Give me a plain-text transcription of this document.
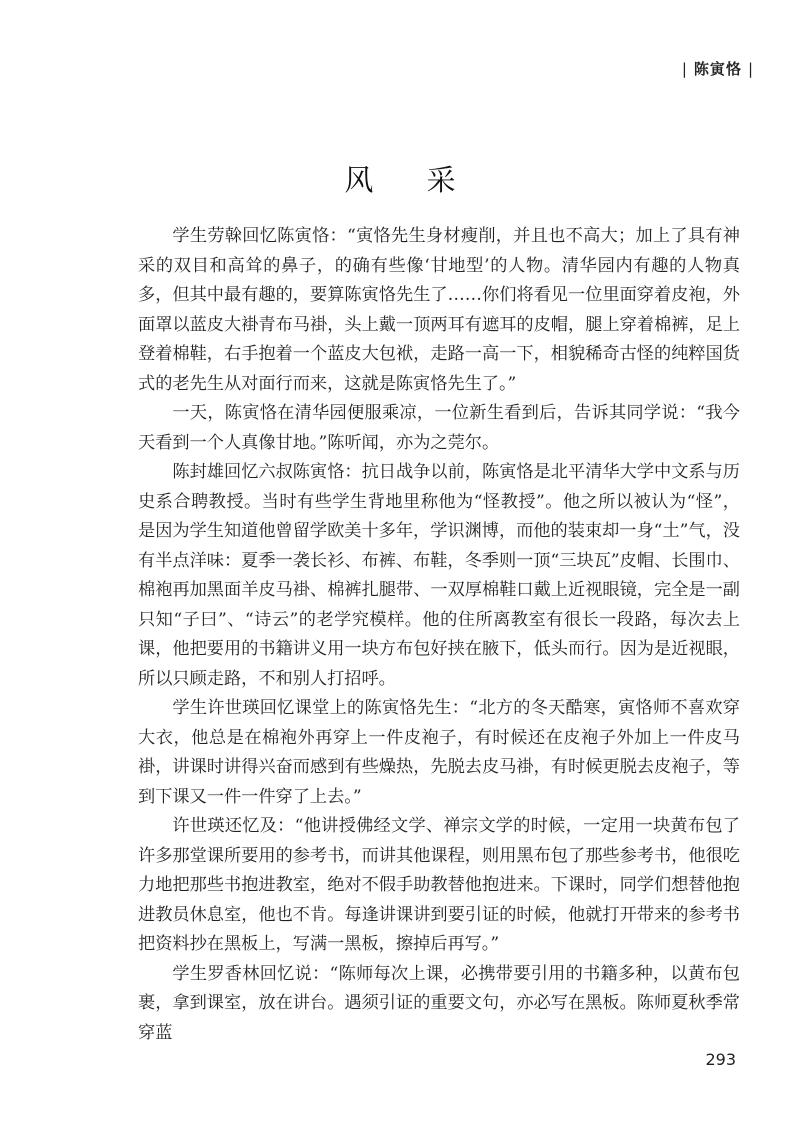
| 陈寅恪 |
风 采

学生劳榦回忆陈寅恪：“寅恪先生身材瘦削，并且也不高大；加上了具有神采的双目和高耸的鼻子，的确有些像‘甘地型’的人物。清华园内有趣的人物真多，但其中最有趣的，要算陈寅恪先生了……你们将看见一位里面穿着皮袍，外面罩以蓝皮大褂青布马褂，头上戴一顶两耳有遮耳的皮帽，腿上穿着棉裤，足上登着棉鞋，右手抱着一个蓝皮大包袱，走路一高一下，相貌稀奇古怪的纯粹国货式的老先生从对面行而来，这就是陈寅恪先生了。”

一天，陈寅恪在清华园便服乘凉，一位新生看到后，告诉其同学说：“我今天看到一个人真像甘地。”陈听闻，亦为之莞尔。

陈封雄回忆六叔陈寅恪：抗日战争以前，陈寅恪是北平清华大学中文系与历史系合聘教授。当时有些学生背地里称他为“怪教授”。他之所以被认为“怪”，是因为学生知道他曾留学欧美十多年，学识渊博，而他的装束却一身“土”气，没有半点洋味：夏季一袭长衫、布裤、布鞋，冬季则一顶“三块瓦”皮帽、长围巾、棉袍再加黑面羊皮马褂、棉裤扎腿带、一双厚棉鞋口戴上近视眼镜，完全是一副只知“子曰”、“诗云”的老学究模样。他的住所离教室有很长一段路，每次去上课，他把要用的书籍讲义用一块方布包好挟在腋下，低头而行。因为是近视眼，所以只顾走路，不和别人打招呼。

学生许世瑛回忆课堂上的陈寅恪先生：“北方的冬天酷寒，寅恪师不喜欢穿大衣，他总是在棉袍外再穿上一件皮袍子，有时候还在皮袍子外加上一件皮马褂，讲课时讲得兴奋而感到有些燥热，先脱去皮马褂，有时候更脱去皮袍子，等到下课又一件一件穿了上去。”

许世瑛还忆及：“他讲授佛经文学、禅宗文学的时候，一定用一块黄布包了许多那堂课所要用的参考书，而讲其他课程，则用黑布包了那些参考书，他很吃力地把那些书抱进教室，绝对不假手助教替他抱进来。下课时，同学们想替他抱进教员休息室，他也不肯。每逢讲课讲到要引证的时候，他就打开带来的参考书把资料抄在黑板上，写满一黑板，擦掉后再写。”

学生罗香林回忆说：“陈师每次上课，必携带要引用的书籍多种，以黄布包裹，拿到课室，放在讲台。遇须引证的重要文句，亦必写在黑板。陈师夏秋季常穿蓝

293
